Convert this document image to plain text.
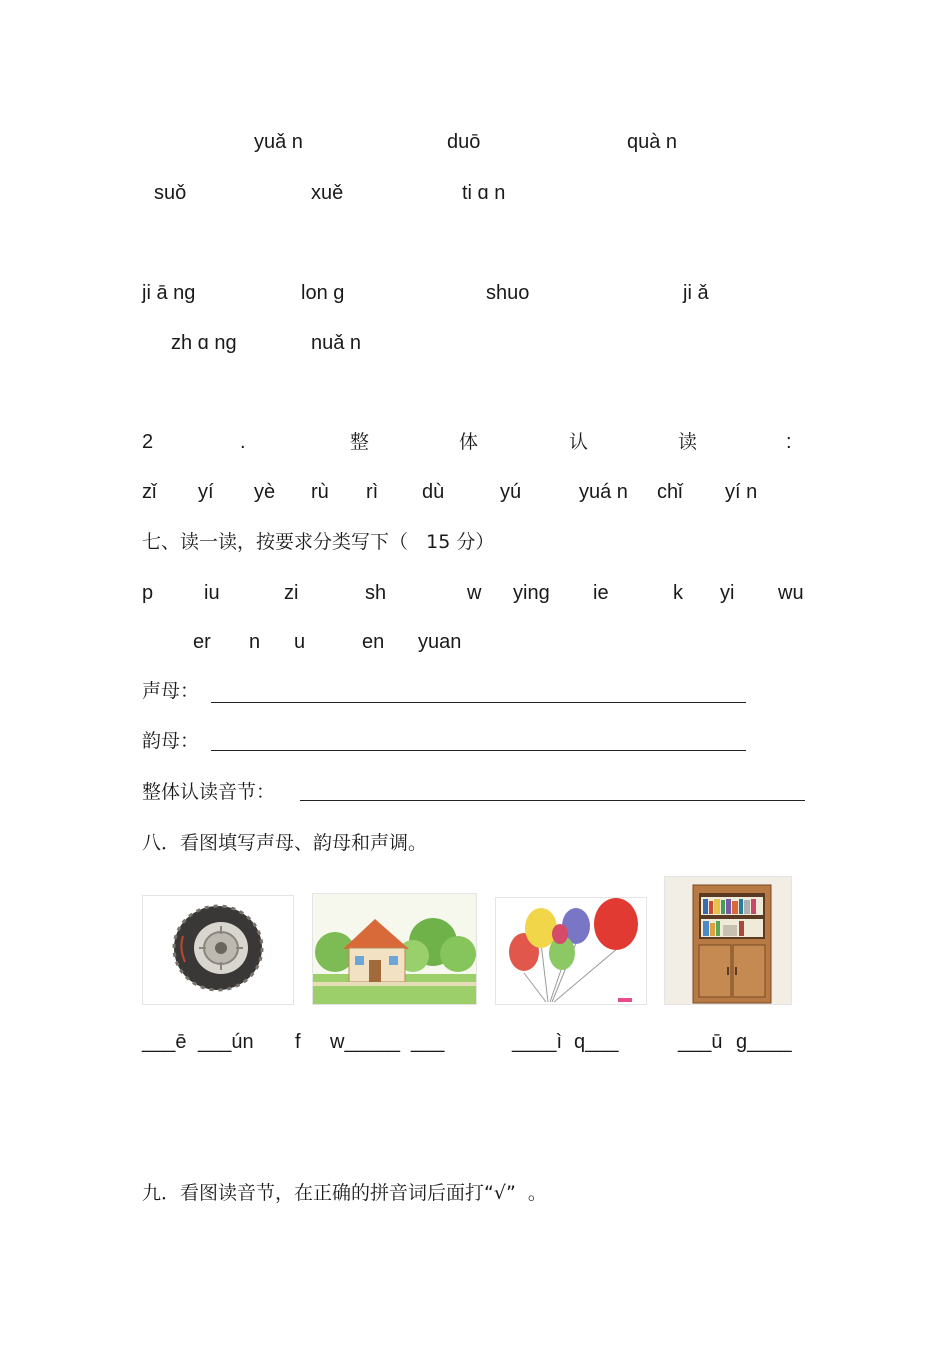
yuǎ n	duō	quà n
suǒ	xuě	ti ɑ n
ji ā ng	lon ɡ	shuo	ji ǎ
zh ɑ ng	nuǎ n
2	.	整	体	认	读	:
zǐ yí yè rù rì dù	yú	yuá n chǐ yí n
七、读一读，按要求分类写下（   15 分）
p	iu	zi	sh	w ying ie	k yi wu
er n u	en yuan
声母：
韵母：
整体认读音节：
八．看图填写声母、韵母和声调。
___ē ___ún f w_____ ___	____ì q___	___ū g____
九．看图读音节，在正确的拼音词后面打“√”  。
